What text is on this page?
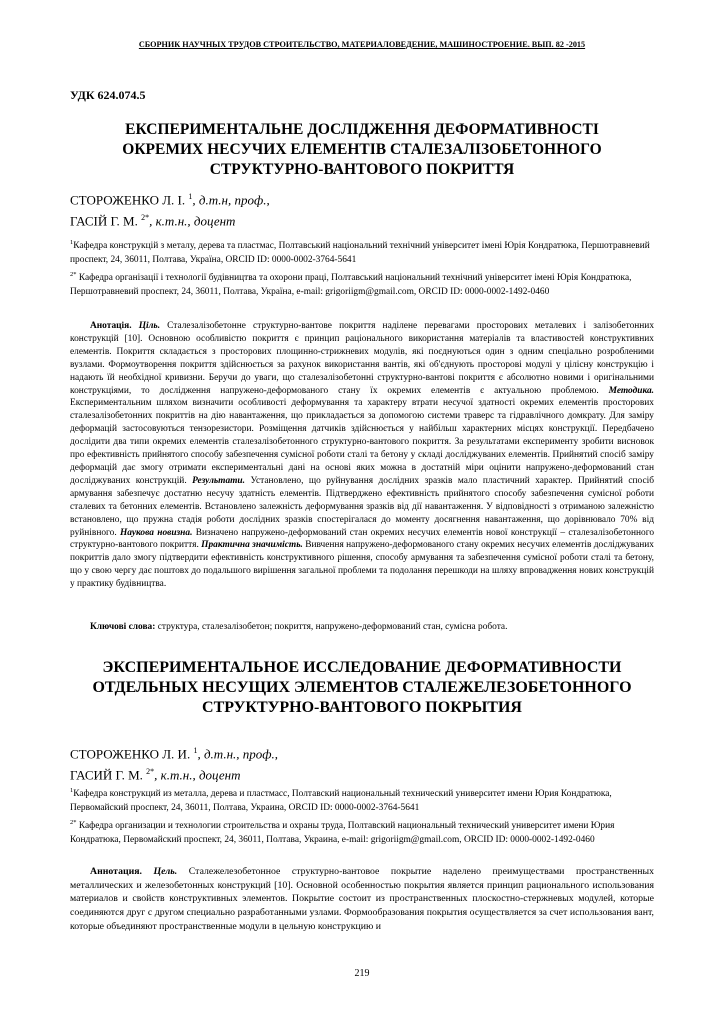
СБОРНИК НАУЧНЫХ ТРУДОВ СТРОИТЕЛЬСТВО, МАТЕРИАЛОВЕДЕНИЕ, МАШИНОСТРОЕНИЕ. ВЫП. 82 -2015
УДК 624.074.5
ЕКСПЕРИМЕНТАЛЬНЕ ДОСЛІДЖЕННЯ ДЕФОРМАТИВНОСТІ ОКРЕМИХ НЕСУЧИХ ЕЛЕМЕНТІВ СТАЛЕЗАЛІЗОБЕТОННОГО СТРУКТУРНО-ВАНТОВОГО ПОКРИТТЯ
СТОРОЖЕНКО Л. І. $^1$, д.т.н, проф.,
ГАСІЙ Г. М. $^{2*}$, к.т.н., доцент

$^1$Кафедра конструкцій з металу, дерева та пластмас, Полтавський національний технічний університет імені Юрія Кондратюка, Першотравневий проспект, 24, 36011, Полтава, Україна, ORCID ID: 0000-0002-3764-5641

$^{2*}$ Кафедра організації і технології будівництва та охорони праці, Полтавський національний технічний університет імені Юрія Кондратюка, Першотравневий проспект, 24, 36011, Полтава, Україна, e-mail: grigoriigm@gmail.com, ORCID ID: 0000-0002-1492-0460

Анотація. Ціль. Сталезалізобетонне структурно-вантове покриття наділене перевагами просторових металевих і залізобетонних конструкцій [10]. Основною особливістю покриття є принцип раціонального використання матеріалів та властивостей конструктивних елементів. Покриття складається з просторових площинно-стрижневих модулів, які поєднуються один з одним спеціально розробленими вузлами. Формоутворення покриття здійснюється за рахунок використання вантів, які об'єднують просторові модулі у цілісну конструкцію і надають їй необхідної кривизни. Беручи до уваги, що сталезалізобетонні структурно-вантові покриття є абсолютно новими і оригінальними конструкціями, то дослідження напружено-деформованого стану їх окремих елементів є актуальною проблемою. Методика. Експериментальним шляхом визначити особливості деформування та характеру втрати несучої здатності окремих елементів просторових сталезалізобетонних покриттів на дію навантаження, що прикладається за допомогою системи траверс та гідравлічного домкрату. Для заміру деформацій застосовуються тензорезистори. Розміщення датчиків здійснюється у найбільш характерних місцях конструкції. Передбачено дослідити два типи окремих елементів сталезалізобетонного структурно-вантового покриття. За результатами експерименту зробити висновок про ефективність прийнятого способу забезпечення сумісної роботи сталі та бетону у складі досліджуваних елементів. Прийнятий спосіб заміру деформацій дає змогу отримати експериментальні дані на основі яких можна в достатній міри оцінити напружено-деформований стан досліджуваних конструкцій. Результати. Установлено, що руйнування дослідних зразків мало пластичний характер. Прийнятий спосіб армування забезпечує достатню несучу здатність елементів. Підтверджено ефективність прийнятого способу забезпечення сумісної роботи сталевих та бетонних елементів. Встановлено залежність деформування зразків від дії навантаження. У відповідності з отриманою залежністю встановлено, що пружна стадія роботи дослідних зразків спостерігалася до моменту досягнення навантаження, що дорівнювало 70% від руйнівного. Наукова новизна. Визначено напружено-деформований стан окремих несучих елементів нової конструкції – сталезалізобетонного структурно-вантового покриття. Практична значимість. Вивчення напружено-деформованого стану окремих несучих елементів досліджуваних покриттів дало змогу підтвердити ефективність конструктивного рішення, способу армування та забезпечення сумісної роботи сталі та бетону, що у свою чергу дає поштовх до подальшого вирішення загальної проблеми та подолання перешкоди на шляху впровадження нових конструкцій у практику будівництва.
Ключові слова: структура, сталезалізобетон; покриття, напружено-деформований стан, сумісна робота.
ЭКСПЕРИМЕНТАЛЬНОЕ ИССЛЕДОВАНИЕ ДЕФОРМАТИВНОСТИ ОТДЕЛЬНЫХ НЕСУЩИХ ЭЛЕМЕНТОВ СТАЛЕЖЕЛЕЗОБЕТОННОГО СТРУКТУРНО-ВАНТОВОГО ПОКРЫТИЯ
СТОРОЖЕНКО Л. И. $^1$, д.т.н., проф.,
ГАСИЙ Г. М. $^{2*}$, к.т.н., доцент

$^1$Кафедра конструкций из металла, дерева и пластмасс, Полтавский национальный технический университет имени Юрия Кондратюка, Первомайский проспект, 24, 36011, Полтава, Украина, ORCID ID: 0000-0002-3764-5641

$^{2*}$ Кафедра организации и технологии строительства и охраны труда, Полтавский национальный технический университет имени Юрия Кондратюка, Первомайский проспект, 24, 36011, Полтава, Украина, e-mail: grigoriigm@gmail.com, ORCID ID: 0000-0002-1492-0460

Аннотация. Цель. Сталежелезобетонное структурно-вантовое покрытие наделено преимуществами пространственных металлических и железобетонных конструкций [10]. Основной особенностью покрытия является принцип рационального использования материалов и свойств конструктивных элементов. Покрытие состоит из пространственных плоскостно-стержневых модулей, которые соединяются друг с другом специально разработанными узлами. Формообразования покрытия осуществляется за счет использования вант, которые объединяют пространственные модули в цельную конструкцию и
219
